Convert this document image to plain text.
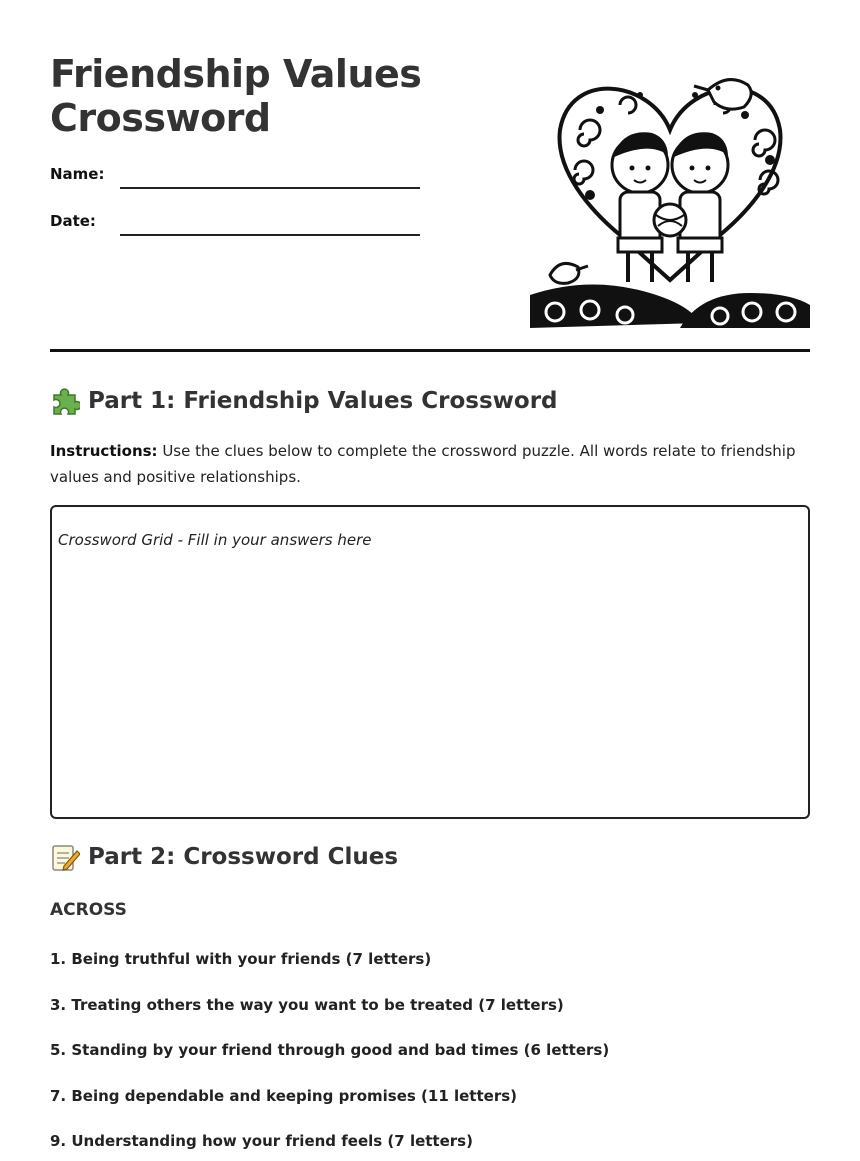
Friendship Values
Crossword
Name:
Date:
Part 1: Friendship Values Crossword

Instructions: Use the clues below to complete the crossword puzzle. All words relate to friendship values and positive relationships.

Crossword Grid - Fill in your answers here
Part 2: Crossword Clues
ACROSS

1. Being truthful with your friends (7 letters)

3. Treating others the way you want to be treated (7 letters)

5. Standing by your friend through good and bad times (6 letters)

7. Being dependable and keeping promises (11 letters)

9. Understanding how your friend feels (7 letters)
